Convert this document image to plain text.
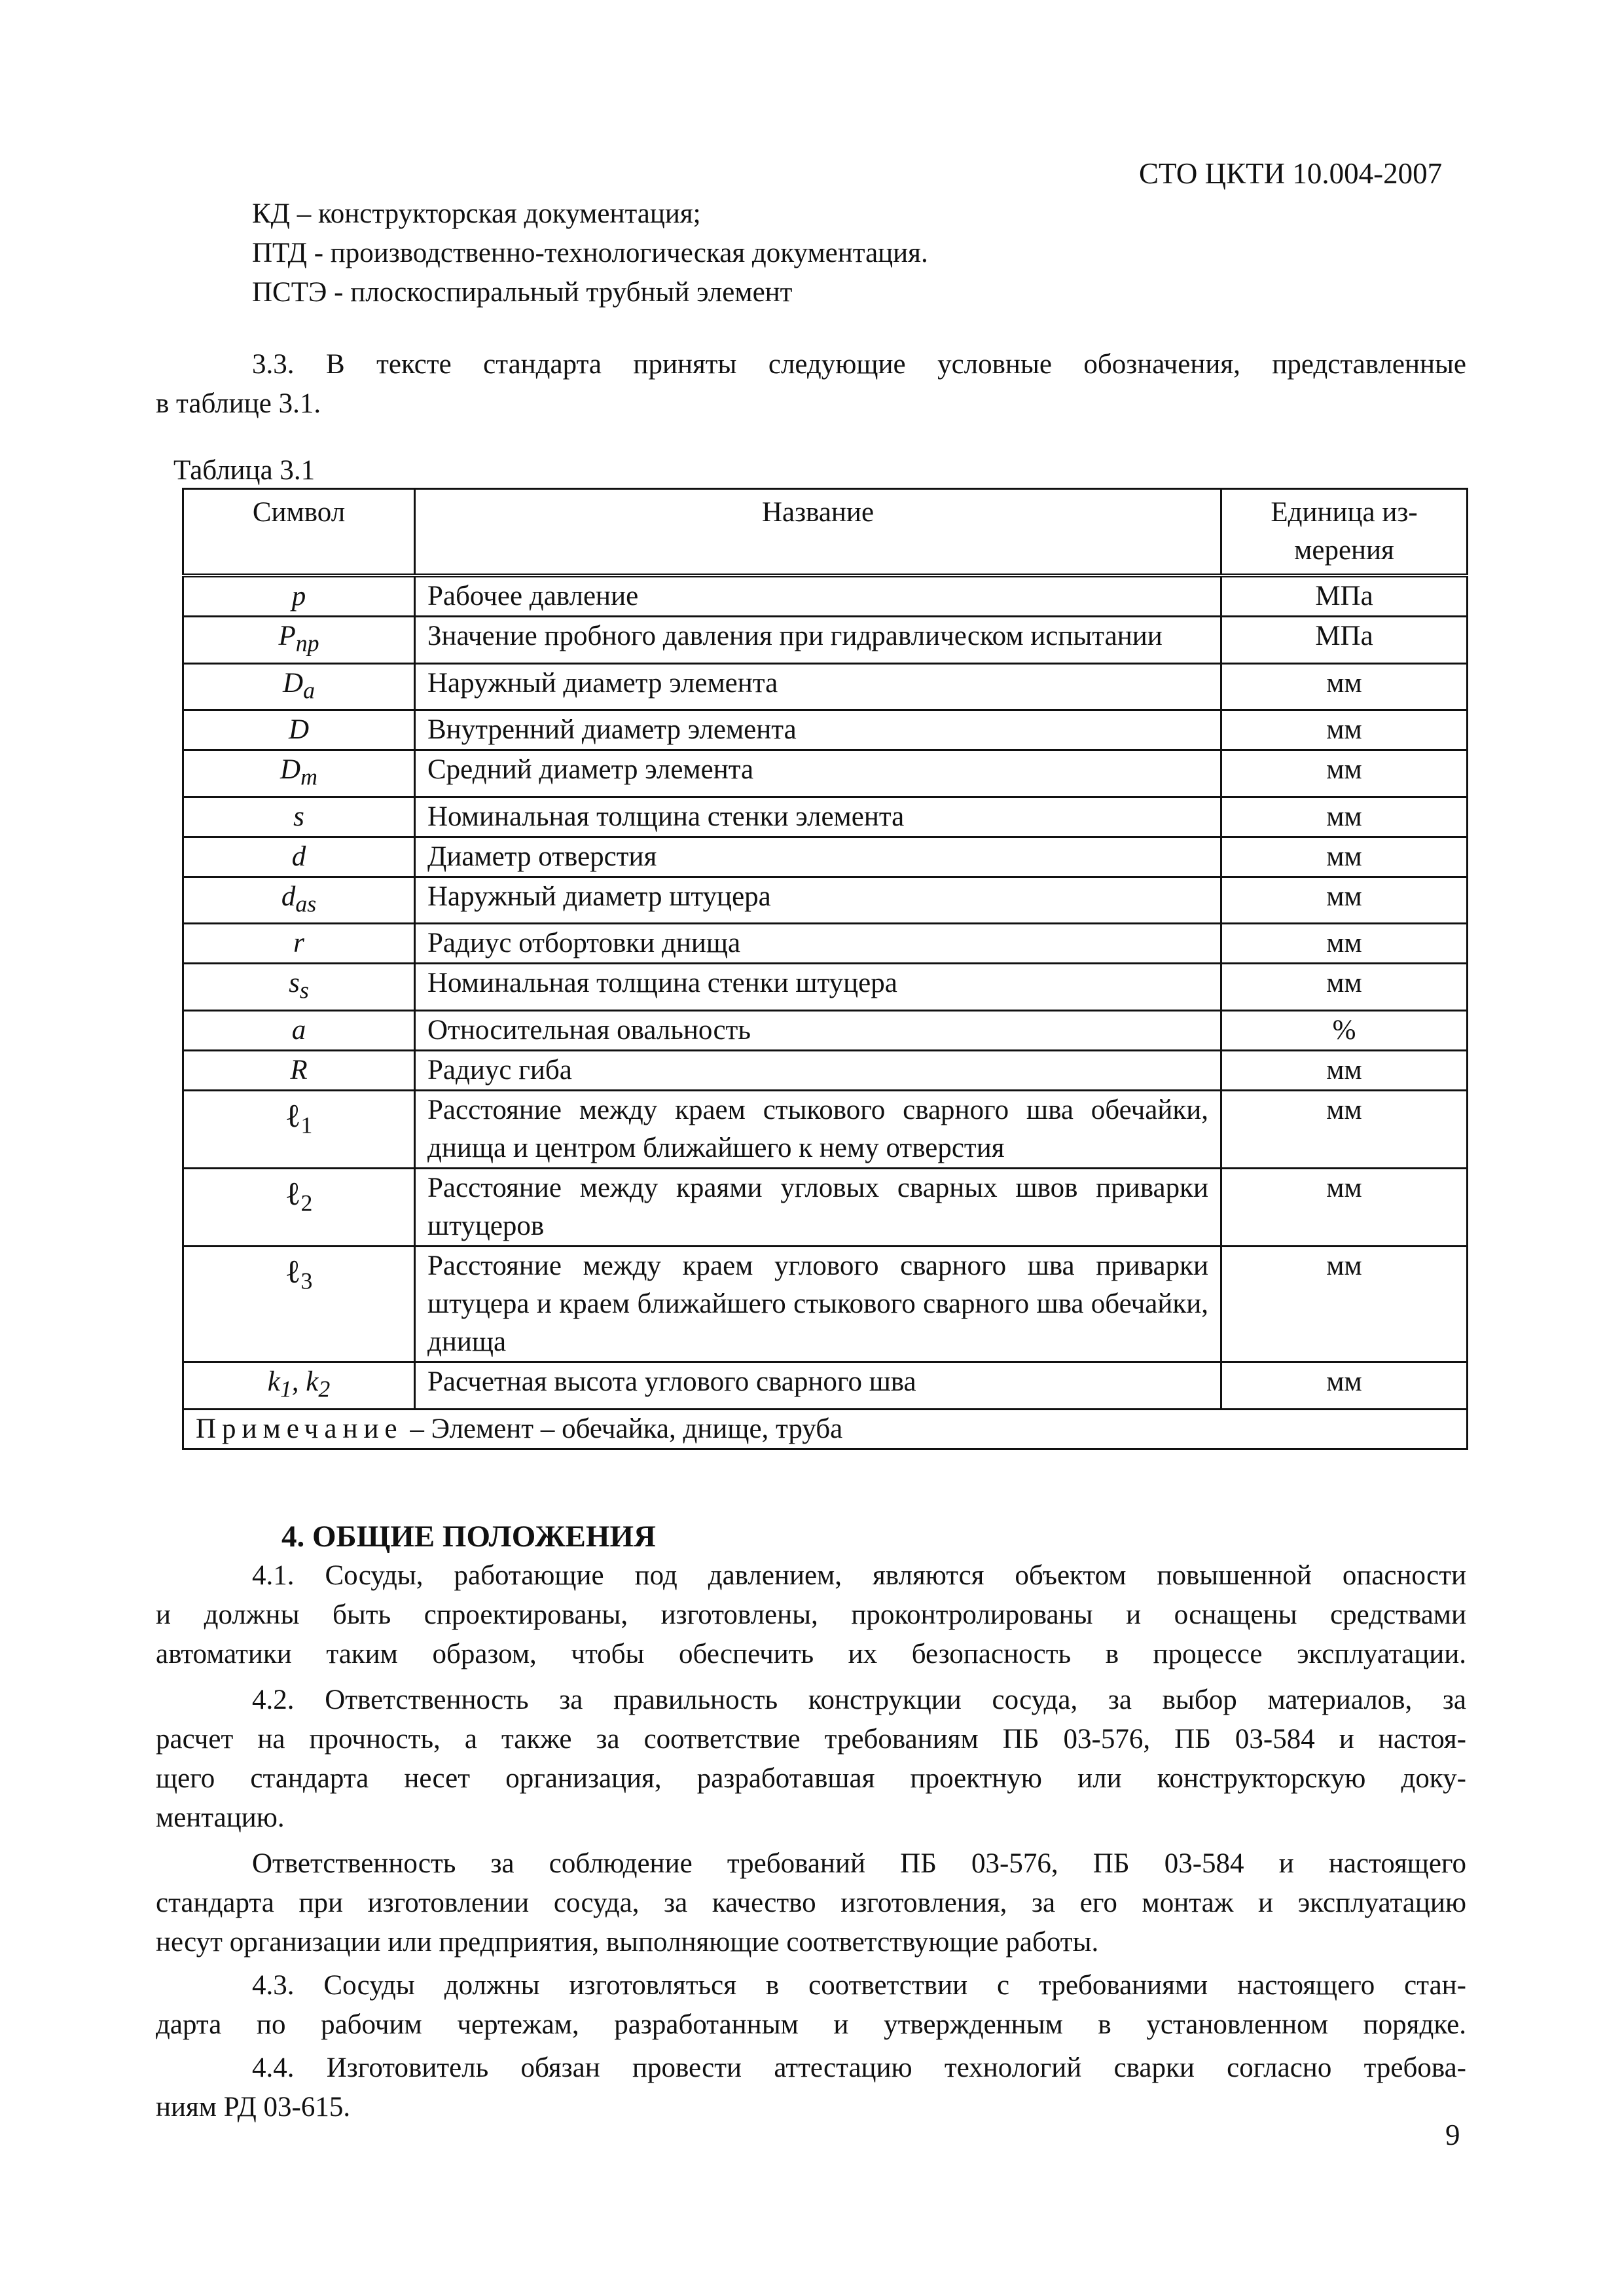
СТО ЦКТИ 10.004-2007
КД – конструкторская документация;
ПТД - производственно-технологическая документация.
ПСТЭ - плоскоспиральный трубный элемент
3.3. В тексте стандарта приняты следующие условные обозначения, представленные
в таблице 3.1.
Таблица 3.1
Символ	Название	Единица из-
мерения

p	Рабочее давление	МПа
$P_{пр}$	Значение пробного давления при гидравлическом испытании	МПа
$D_a$	Наружный диаметр элемента	мм
D	Внутренний диаметр элемента	мм
$D_m$	Средний диаметр элемента	мм
s	Номинальная толщина стенки элемента	мм
d	Диаметр отверстия	мм
$d_{as}$	Наружный диаметр штуцера	мм
r	Радиус отбортовки днища	мм
$s_s$	Номинальная толщина стенки штуцера	мм
a	Относительная овальность	%
R	Радиус гиба	мм
ℓ$_1$	Расстояние между краем стыкового сварного шва обечайки, днища и центром ближайшего к нему отверстия	мм
ℓ$_2$	Расстояние между краями угловых сварных швов приварки штуцеров	мм
ℓ$_3$	Расстояние между краем углового сварного шва приварки штуцера и краем ближайшего стыкового сварного шва обечайки, днища	мм
$k_1$, $k_2$	Расчетная высота углового сварного шва	мм
Примечание – Элемент – обечайка, днище, труба		
4. ОБЩИЕ ПОЛОЖЕНИЯ
4.1. Сосуды, работающие под давлением, являются объектом повышенной опасности
и должны быть спроектированы, изготовлены, проконтролированы и оснащены средствами
автоматики таким образом, чтобы обеспечить их безопасность в процессе эксплуатации.
4.2. Ответственность за правильность конструкции сосуда, за выбор материалов, за
расчет на прочность, а также за соответствие требованиям ПБ 03-576, ПБ 03-584 и настоя-
щего стандарта несет организация, разработавшая проектную или конструкторскую доку-
ментацию.
Ответственность за соблюдение требований ПБ 03-576, ПБ 03-584 и настоящего
стандарта при изготовлении сосуда, за качество изготовления, за его монтаж и эксплуатацию
несут организации или предприятия, выполняющие соответствующие работы.
4.3. Сосуды должны изготовляться в соответствии с требованиями настоящего стан-
дарта по рабочим чертежам, разработанным и утвержденным в установленном порядке.
4.4. Изготовитель обязан провести аттестацию технологий сварки согласно требова-
ниям РД 03-615.
9
